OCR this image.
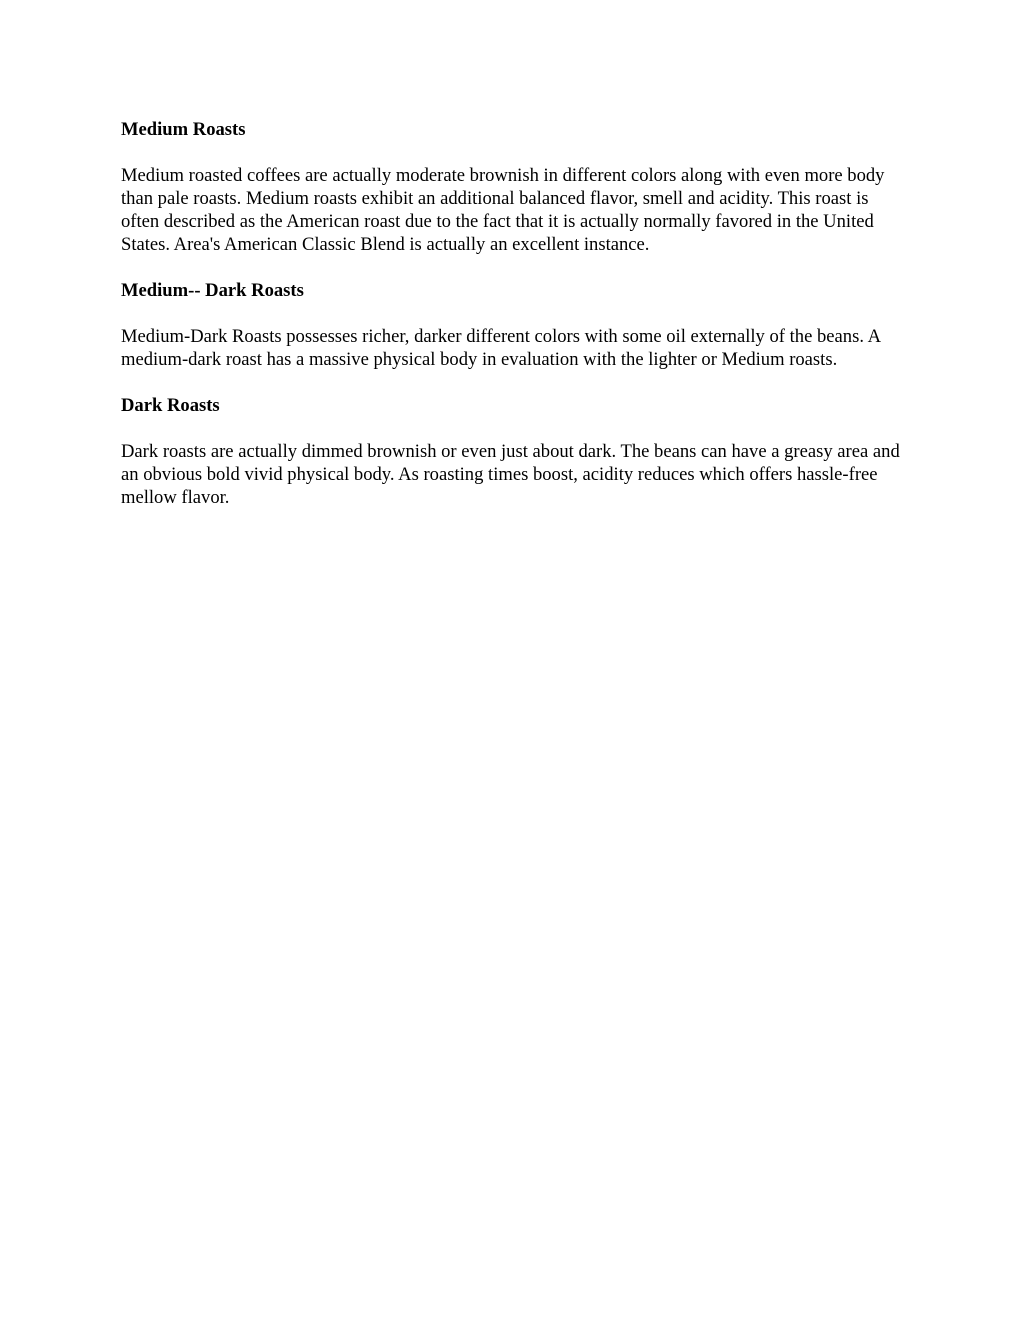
Medium Roasts

Medium roasted coffees are actually moderate brownish in different colors along with even more body than pale roasts. Medium roasts exhibit an additional balanced flavor, smell and acidity. This roast is often described as the American roast due to the fact that it is actually normally favored in the United States. Area's American Classic Blend is actually an excellent instance.

Medium-- Dark Roasts

Medium-Dark Roasts possesses richer, darker different colors with some oil externally of the beans. A medium-dark roast has a massive physical body in evaluation with the lighter or Medium roasts.

Dark Roasts

Dark roasts are actually dimmed brownish or even just about dark. The beans can have a greasy area and an obvious bold vivid physical body. As roasting times boost, acidity reduces which offers hassle-free mellow flavor.
